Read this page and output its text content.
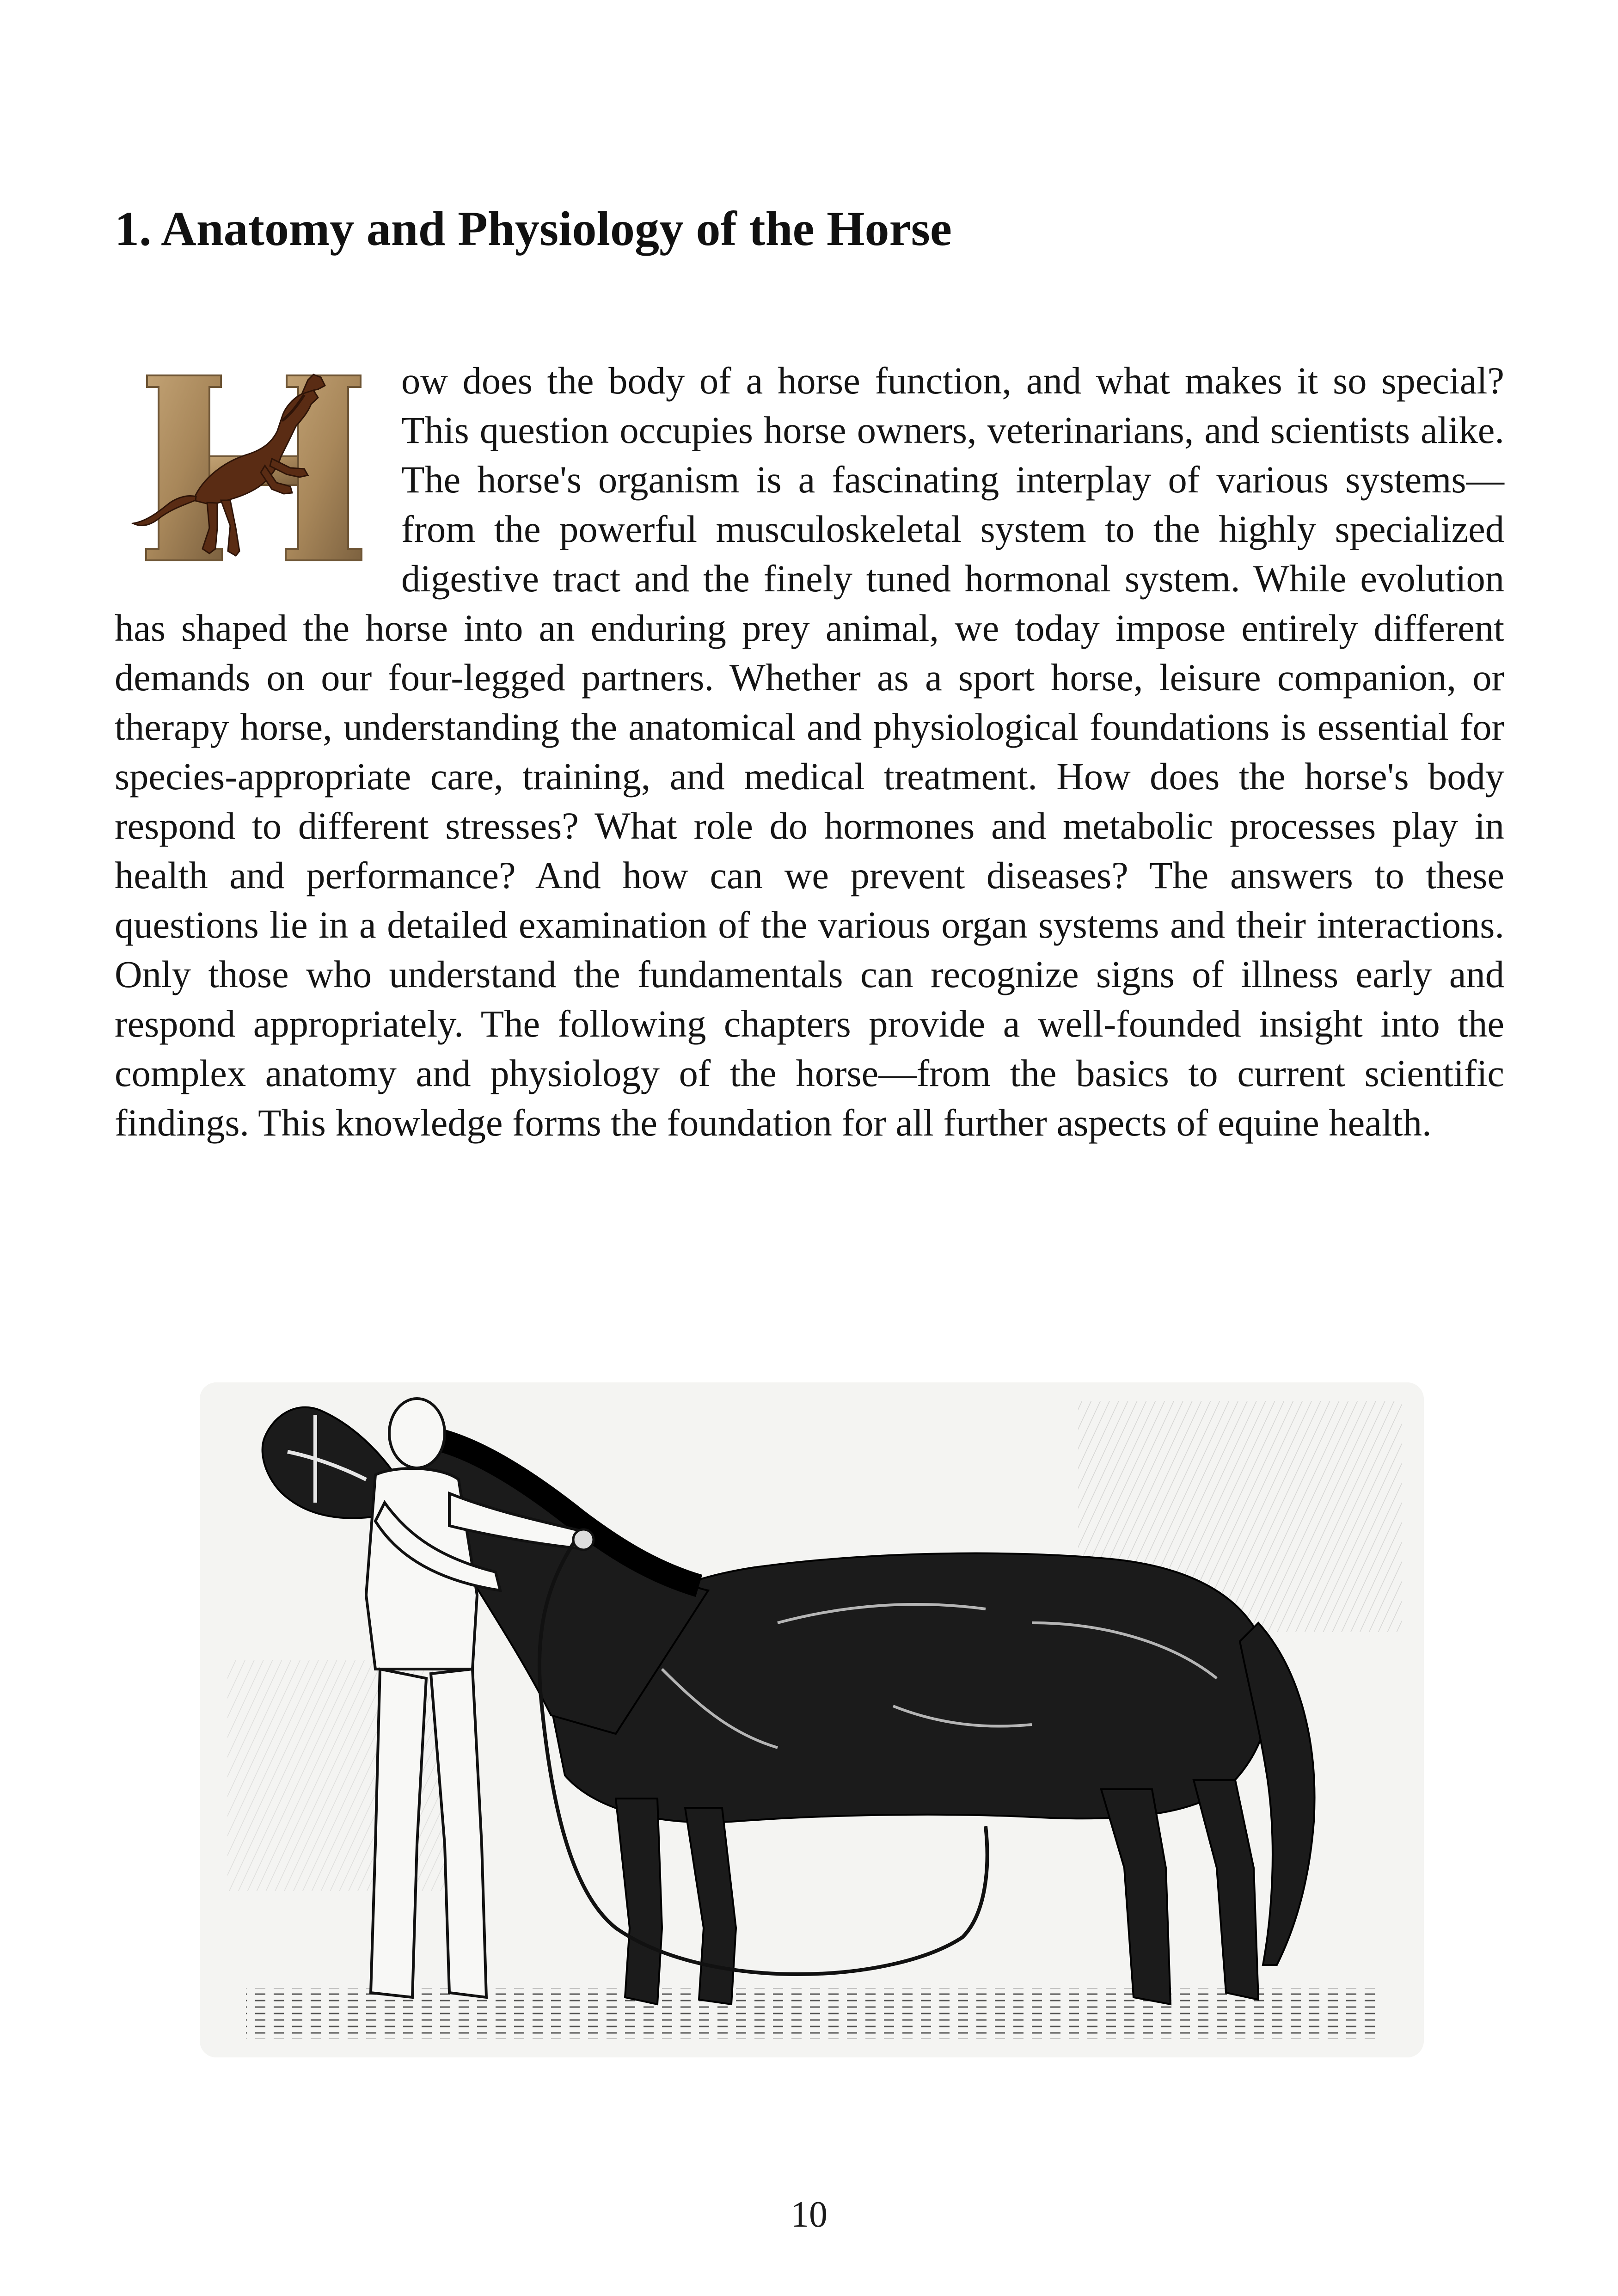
1. Anatomy and Physiology of the Horse

ow does the body of a horse function, and what makes it so special? This question occupies horse owners, veterinarians, and scientists alike. The horse's organism is a fascinating interplay of various systems—from the powerful musculoskeletal system to the highly specialized digestive tract and the finely tuned hormonal system. While evolution has shaped the horse into an enduring prey animal, we today impose entirely different demands on our four-legged partners. Whether as a sport horse, leisure companion, or therapy horse, understanding the anatomical and physiological foundations is essential for species-appropriate care, training, and medical treatment. How does the horse's body respond to different stresses? What role do hormones and metabolic processes play in health and performance? And how can we prevent diseases? The answers to these questions lie in a detailed examination of the various organ systems and their interactions. Only those who understand the fundamentals can recognize signs of illness early and respond appropriately. The following chapters provide a well-founded insight into the complex anatomy and physiology of the horse—from the basics to current scientific findings. This knowledge forms the foundation for all further aspects of equine health.

10
